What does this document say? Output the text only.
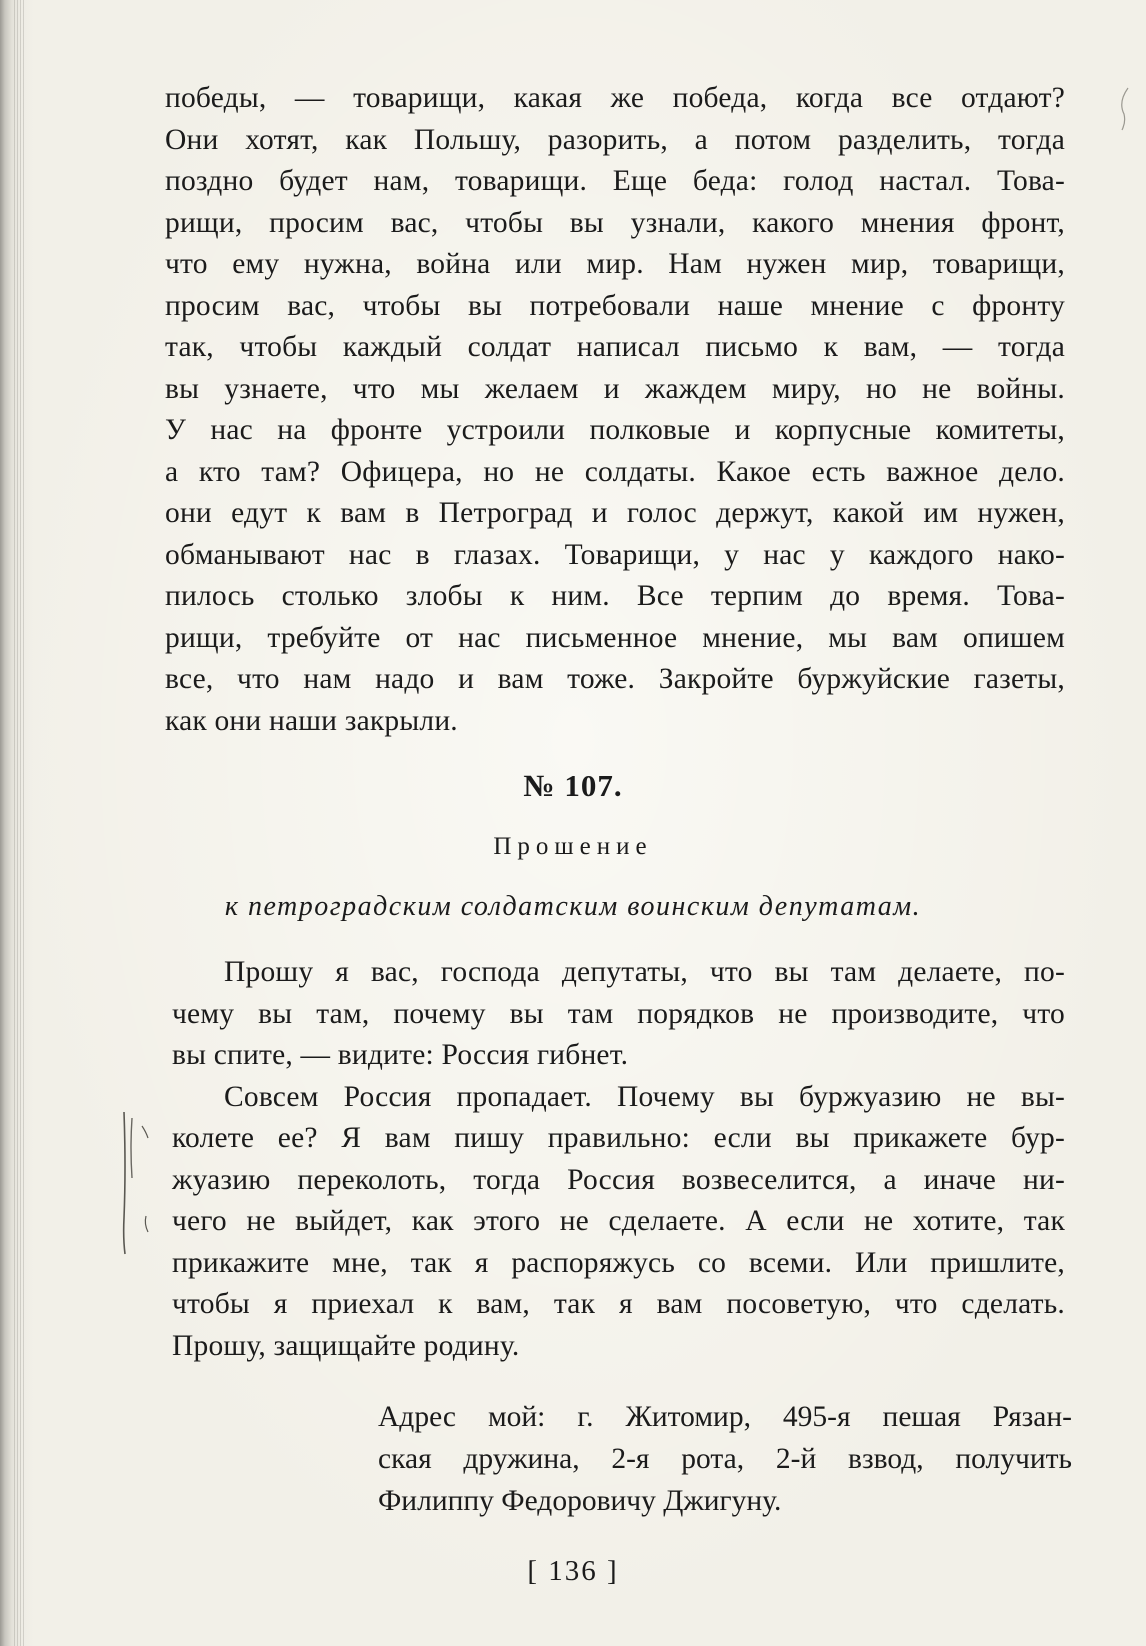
победы, — товарищи, какая же победа, когда все отдают?
Они хотят, как Польшу, разорить, а потом разделить, тогда
поздно будет нам, товарищи. Еще беда: голод настал. Това-
рищи, просим вас, чтобы вы узнали, какого мнения фронт,
что ему нужна, война или мир. Нам нужен мир, товарищи,
просим вас, чтобы вы потребовали наше мнение с фронту
так, чтобы каждый солдат написал письмо к вам, — тогда
вы узнаете, что мы желаем и жаждем миру, но не войны.
У нас на фронте устроили полковые и корпусные комитеты,
а кто там? Офицера, но не солдаты. Какое есть важное дело.
они едут к вам в Петроград и голос держут, какой им нужен,
обманывают нас в глазах. Товарищи, у нас у каждого нако-
пилось столько злобы к ним. Все терпим до время. Това-
рищи, требуйте от нас письменное мнение, мы вам опишем
все, что нам надо и вам тоже. Закройте буржуйские газеты,
как они наши закрыли.
№ 107.
Прошение
к петроградским солдатским воинским депутатам.
Прошу я вас, господа депутаты, что вы там делаете, по-
чему вы там, почему вы там порядков не производите, что
вы спите, — видите: Россия гибнет.
Совсем Россия пропадает. Почему вы буржуазию не вы-
колете ее? Я вам пишу правильно: если вы прикажете бур-
жуазию переколоть, тогда Россия возвеселится, а иначе ни-
чего не выйдет, как этого не сделаете. А если не хотите, так
прикажите мне, так я распоряжусь со всеми. Или пришлите,
чтобы я приехал к вам, так я вам посоветую, что сделать.
Прошу, защищайте родину.
Адрес мой: г. Житомир, 495-я пешая Рязан-
ская дружина, 2-я рота, 2-й взвод, получить
Филиппу Федоровичу Джигуну.
[ 136 ]
